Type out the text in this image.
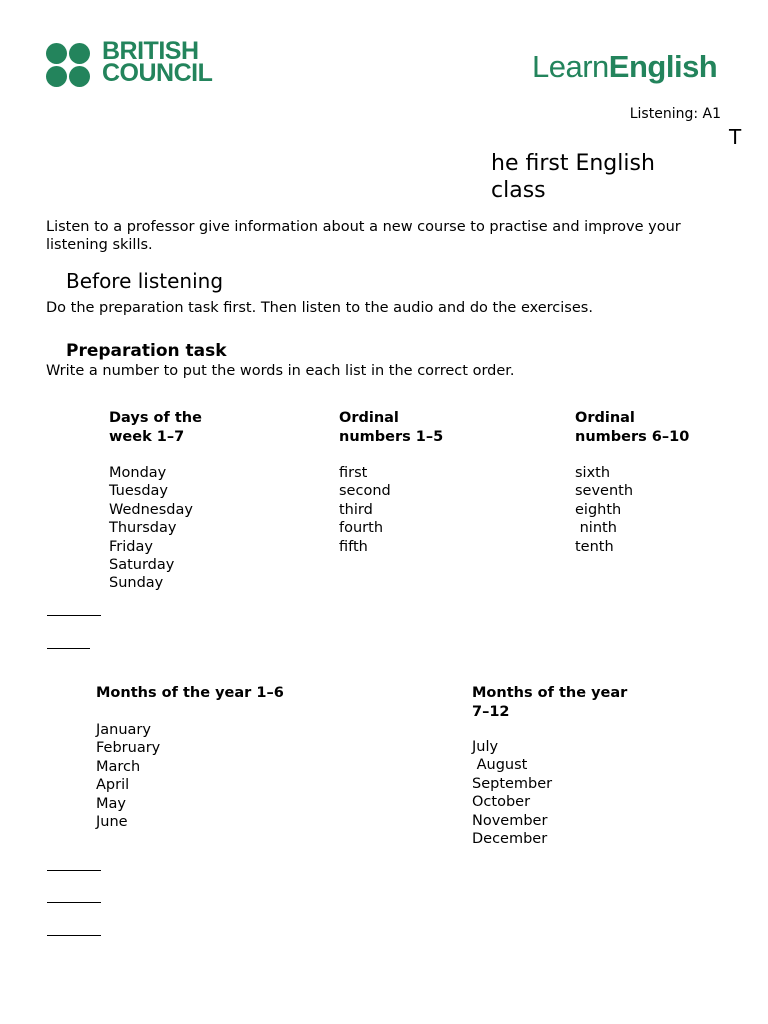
BRITISH
COUNCIL	LearnEnglish
Listening: A1
T
he first English
class
Listen to a professor give information about a new course to practise and improve your listening skills.
Before listening
Do the preparation task first. Then listen to the audio and do the exercises.
Preparation task
Write a number to put the words in each list in the correct order.
Days of the
week 1–7
Monday
Tuesday
Wednesday
Thursday
Friday
Saturday
Sunday
Ordinal
numbers 1–5
first
second
third
fourth
fifth
Ordinal
numbers 6–10
sixth
seventh
eighth
ninth
tenth
Months of the year 1–6
January
February
March
April
May
June
Months of the year
7–12
July
August
September
October
November
December
